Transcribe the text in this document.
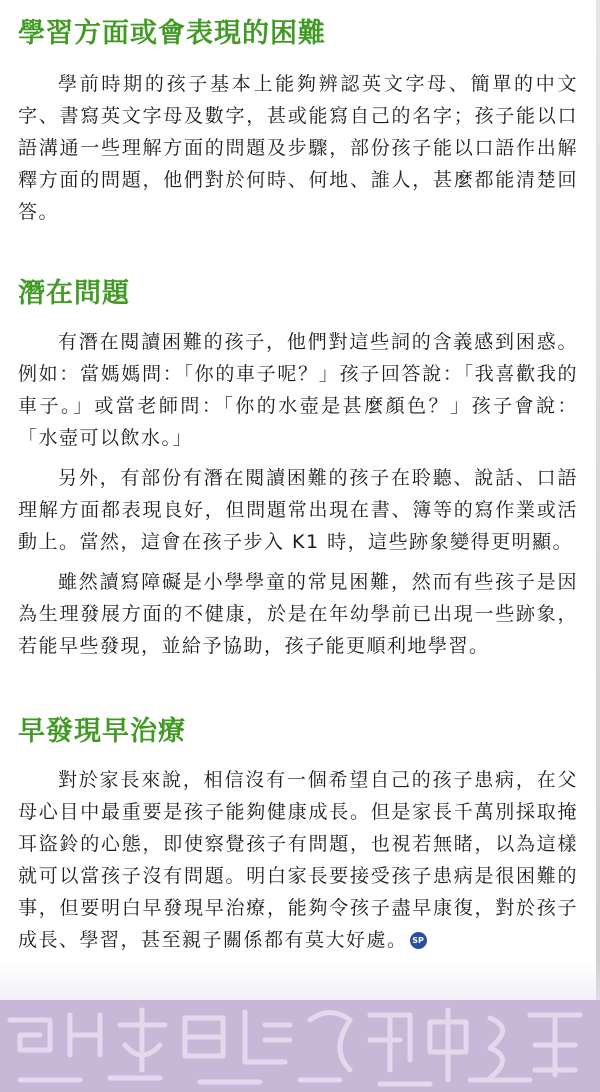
學習方面或會表現的困難

學前時期的孩子基本上能夠辨認英文字母、簡單的中文字、書寫英文字母及數字，甚或能寫自己的名字；孩子能以口語溝通一些理解方面的問題及步驟，部份孩子能以口語作出解釋方面的問題，他們對於何時、何地、誰人，甚麼都能清楚回答。

潛在問題

有潛在閱讀困難的孩子，他們對這些詞的含義感到困惑。例如：當媽媽問：「你的車子呢？」孩子回答說：「我喜歡我的車子。」或當老師問：「你的水壺是甚麼顏色？」孩子會說：「水壺可以飲水。」

另外，有部份有潛在閱讀困難的孩子在聆聽、說話、口語理解方面都表現良好，但問題常出現在書、簿等的寫作業或活動上。當然，這會在孩子步入 K1 時，這些跡象變得更明顯。

雖然讀寫障礙是小學學童的常見困難，然而有些孩子是因為生理發展方面的不健康，於是在年幼學前已出現一些跡象，若能早些發現，並給予協助，孩子能更順利地學習。

早發現早治療

對於家長來說，相信沒有一個希望自己的孩子患病，在父母心目中最重要是孩子能夠健康成長。但是家長千萬別採取掩耳盜鈴的心態，即使察覺孩子有問題，也視若無睹，以為這樣就可以當孩子沒有問題。明白家長要接受孩子患病是很困難的事，但要明白早發現早治療，能夠令孩子盡早康復，對於孩子成長、學習，甚至親子關係都有莫大好處。 SP
